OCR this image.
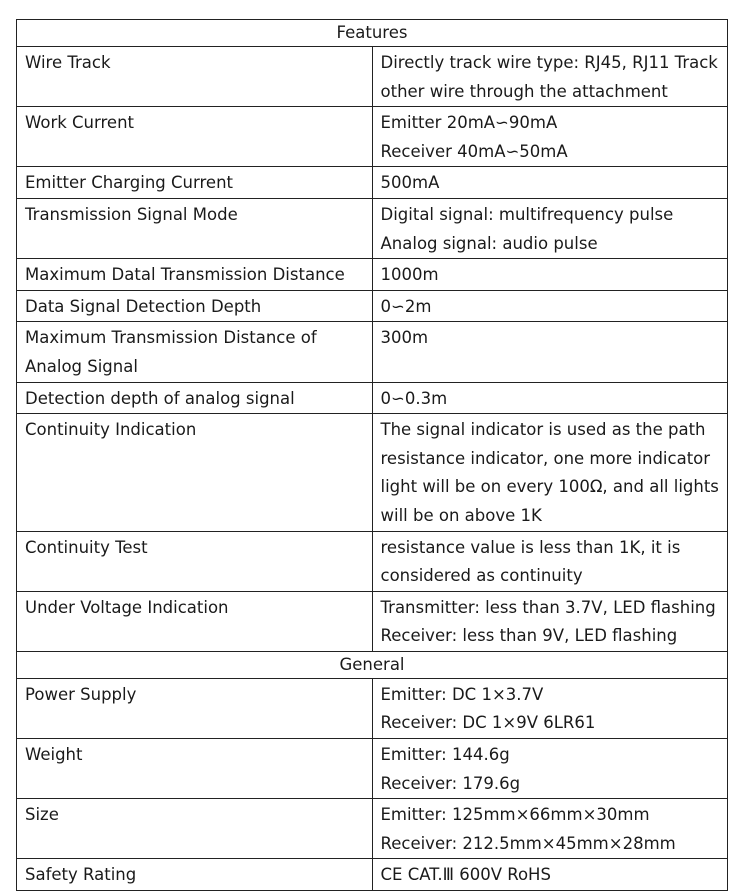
Features	

Wire Track	Directly track wire type: RJ45, RJ11 Track
other wire through the attachment

Work Current	Emitter 20mA∽90mA
Receiver 40mA∽50mA

Emitter Charging Current	500mA

Transmission Signal Mode	Digital signal: multifrequency pulse
Analog signal: audio pulse

Maximum Datal Transmission Distance	1000m

Data Signal Detection Depth	0∽2m

Maximum Transmission Distance of
Analog Signal	300m

Detection depth of analog signal	0∽0.3m

Continuity Indication	The signal indicator is used as the path
resistance indicator, one more indicator
light will be on every 100Ω, and all lights
will be on above 1K

Continuity Test	resistance value is less than 1K, it is
considered as continuity

Under Voltage Indication	Transmitter: less than 3.7V, LED flashing
Receiver: less than 9V, LED flashing

General	

Power Supply	Emitter: DC 1×3.7V
Receiver: DC 1×9V 6LR61

Weight	Emitter: 144.6g
Receiver: 179.6g

Size	Emitter: 125mm×66mm×30mm
Receiver: 212.5mm×45mm×28mm

Safety Rating	CE CAT.Ⅲ 600V RoHS
